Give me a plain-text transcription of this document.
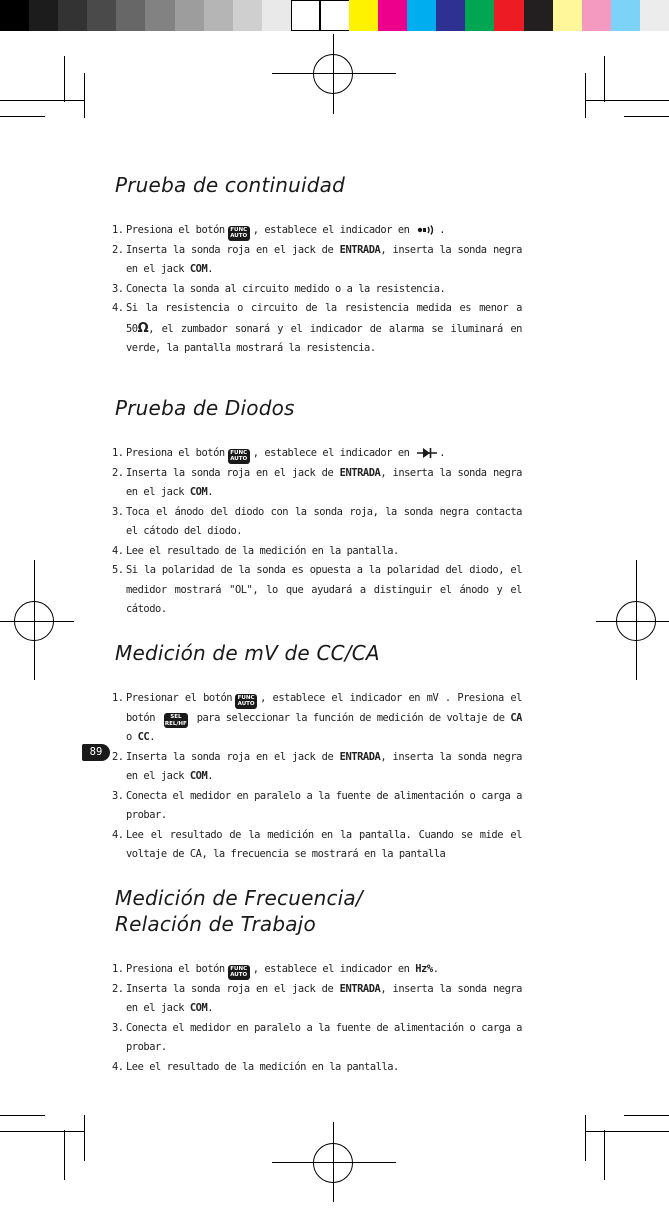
89
Prueba de continuidad
1. Presiona el botón FUNC
AUTO , establece el indicador en	.
2. Inserta la sonda roja en el jack de ENTRADA, inserta la sonda negra en el jack COM.
3. Conecta la sonda al circuito medido o a la resistencia.
4. Si la resistencia o circuito de la resistencia medida es menor a 50Ω, el zumbador sonará y el indicador de alarma se iluminará en verde, la pantalla mostrará la resistencia.
Prueba de Diodos
1. Presiona el botón FUNC
AUTO , establece el indicador en	.
2. Inserta la sonda roja en el jack de ENTRADA, inserta la sonda negra en el jack COM.
3. Toca el ánodo del diodo con la sonda roja, la sonda negra contacta el cátodo del diodo.
4. Lee el resultado de la medición en la pantalla.
5. Si la polaridad de la sonda es opuesta a la polaridad del diodo, el medidor mostrará "OL", lo que ayudará a distinguir el ánodo y el cátodo.
Medición de mV de CC/CA
1. Presionar el botón FUNC
AUTO , establece el indicador en mV . Presiona el botón	SEL
REL/HF para seleccionar la función de medición de voltaje de CA o CC.
2. Inserta la sonda roja en el jack de ENTRADA, inserta la sonda negra en el jack COM.
3. Conecta el medidor en paralelo a la fuente de alimentación o carga a probar.
4. Lee el resultado de la medición en la pantalla. Cuando se mide el voltaje de CA, la frecuencia se mostrará en la pantalla
Medición de Frecuencia/
Relación de Trabajo
1. Presiona el botón FUNC
AUTO , establece el indicador en Hz%.
2. Inserta la sonda roja en el jack de ENTRADA, inserta la sonda negra en el jack COM.
3. Conecta el medidor en paralelo a la fuente de alimentación o carga a probar.
4. Lee el resultado de la medición en la pantalla.
